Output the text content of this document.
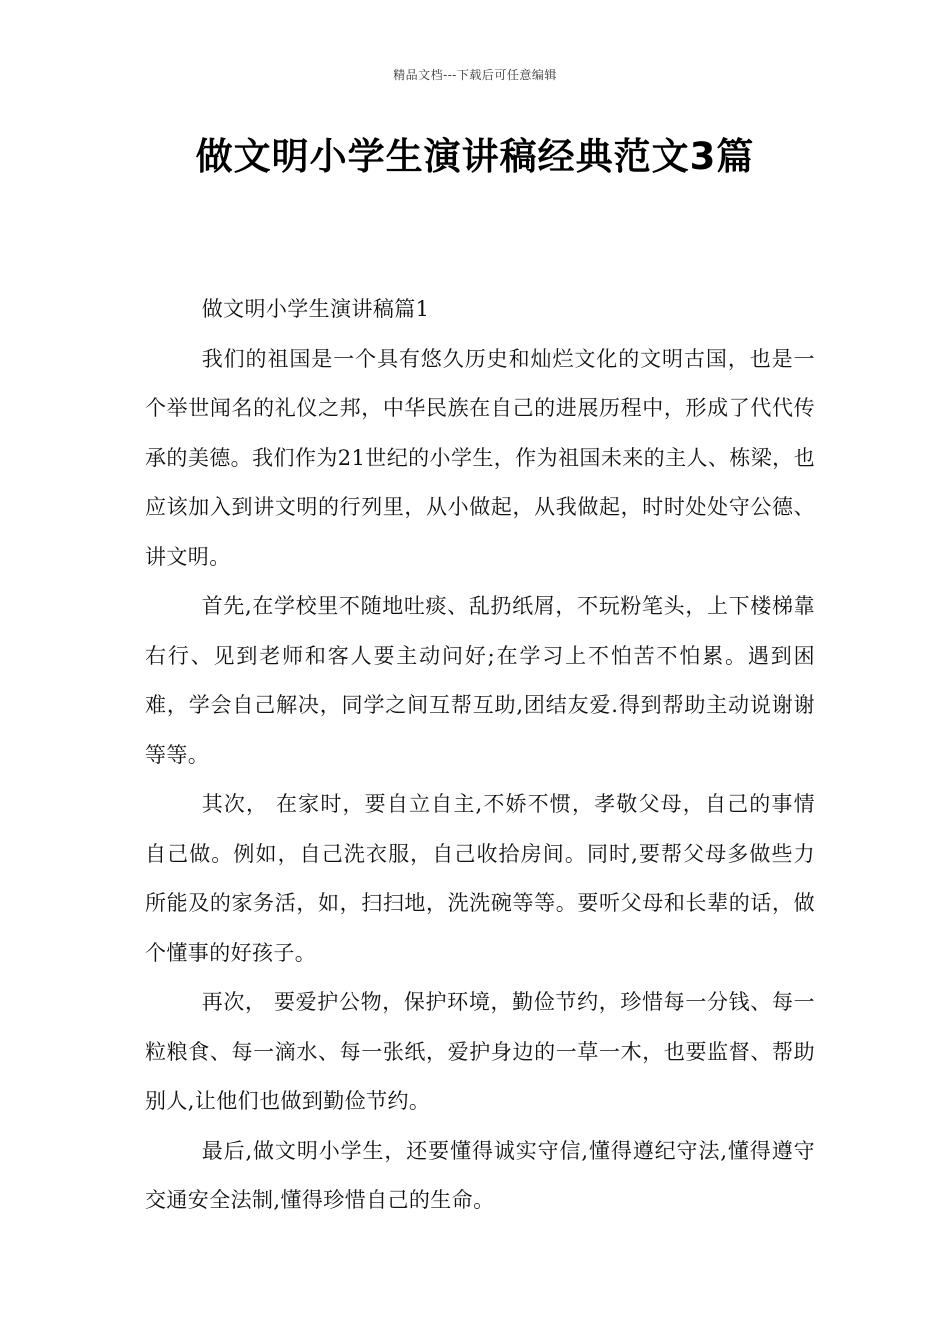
精品文档---下载后可任意编辑
做文明小学生演讲稿经典范文3篇

做文明小学生演讲稿篇1

我们的祖国是一个具有悠久历史和灿烂文化的文明古国，也是一个举世闻名的礼仪之邦，中华民族在自己的进展历程中，形成了代代传承的美德。我们作为21世纪的小学生，作为祖国未来的主人、栋梁，也应该加入到讲文明的行列里，从小做起，从我做起，时时处处守公德、讲文明。

首先,在学校里不随地吐痰、乱扔纸屑，不玩粉笔头，上下楼梯靠右行、见到老师和客人要主动问好;在学习上不怕苦不怕累。遇到困难，学会自己解决，同学之间互帮互助,团结友爱.得到帮助主动说谢谢等等。

其次， 在家时，要自立自主,不娇不惯，孝敬父母，自己的事情自己做。例如，自己洗衣服，自己收拾房间。同时,要帮父母多做些力所能及的家务活，如，扫扫地，洗洗碗等等。要听父母和长辈的话，做个懂事的好孩子。

再次， 要爱护公物，保护环境，勤俭节约，珍惜每一分钱、每一粒粮食、每一滴水、每一张纸，爱护身边的一草一木，也要监督、帮助别人,让他们也做到勤俭节约。

最后,做文明小学生，还要懂得诚实守信,懂得遵纪守法,懂得遵守交通安全法制,懂得珍惜自己的生命。
